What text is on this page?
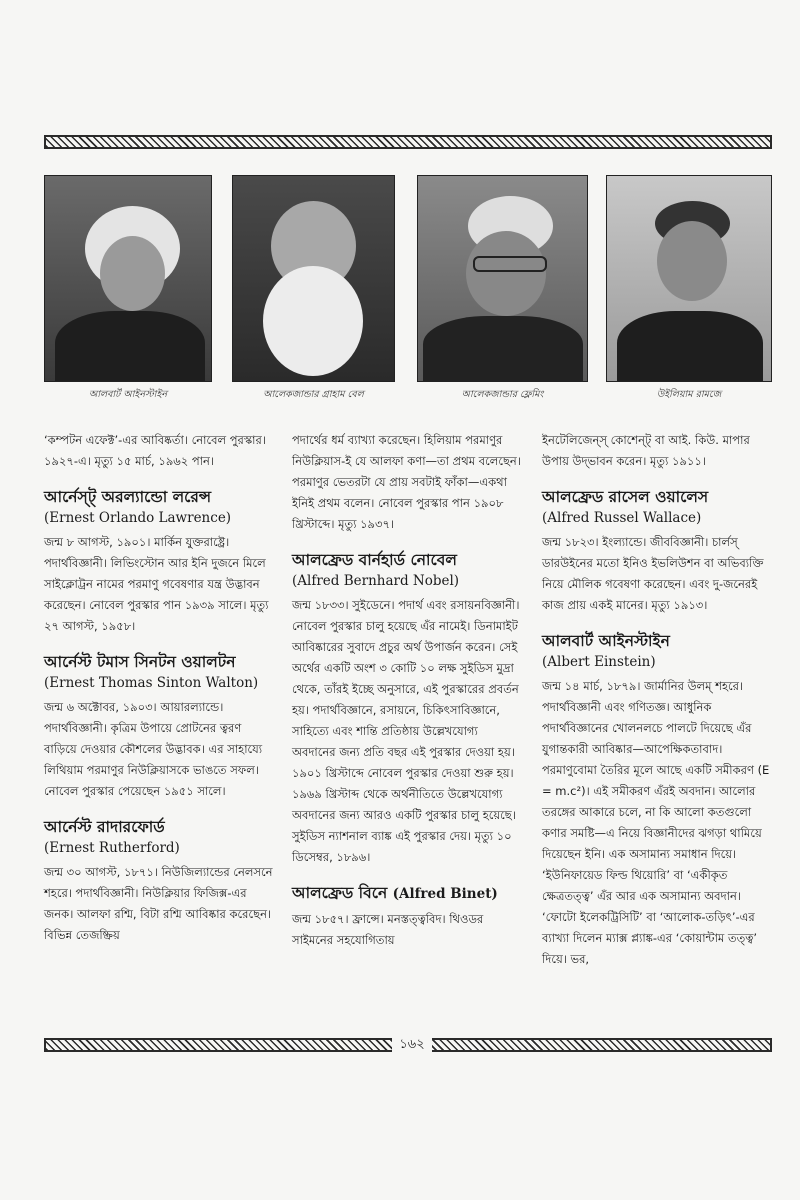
আলবার্ট আইনস্টাইন	আলেকজান্ডার গ্রাহাম বেল	আলেকজান্ডার ফ্লেমিং	উইলিয়াম রামজে

‘কম্পটন এফেক্ট’-এর আবিষ্কর্তা। নোবেল পুরস্কার। ১৯২৭-এ। মৃত্যু ১৫ মার্চ, ১৯৬২ পান।

আর্নেস্ট্ অরল্যান্ডো লরেন্স
(Ernest Orlando Lawrence)

জন্ম ৮ আগস্ট, ১৯০১। মার্কিন যুক্তরাষ্ট্রে। পদার্থবিজ্ঞানী। লিভিংস্টোন আর ইনি দুজনে মিলে সাইক্লোট্রন নামের পরমাণু গবেষণার যন্ত্র উদ্ভাবন করেছেন। নোবেল পুরস্কার পান ১৯৩৯ সালে। মৃত্যু ২৭ আগস্ট, ১৯৫৮।

আর্নেস্ট টমাস সিনটন ওয়ালটন
(Ernest Thomas Sinton Walton)

জন্ম ৬ অক্টোবর, ১৯০৩। আয়ারল্যান্ডে। পদার্থবিজ্ঞানী। কৃত্রিম উপায়ে প্রোটনের ত্বরণ বাড়িয়ে দেওয়ার কৌশলের উদ্ভাবক। এর সাহায্যে লিথিয়াম পরমাণুর নিউক্লিয়াসকে ভাঙতে সফল। নোবেল পুরস্কার পেয়েছেন ১৯৫১ সালে।

আর্নেস্ট রাদারফোর্ড
(Ernest Rutherford)

জন্ম ৩০ আগস্ট, ১৮৭১। নিউজিল্যান্ডের নেলসনে শহরে। পদার্থবিজ্ঞানী। নিউক্লিয়ার ফিজিক্স-এর জনক। আলফা রশ্মি, বিটা রশ্মি আবিষ্কার করেছেন। বিভিন্ন তেজষ্ক্রিয়

পদার্থের ধর্ম ব্যাখ্যা করেছেন। হিলিয়াম পরমাণুর নিউক্লিয়াস-ই যে আলফা কণা—তা প্রথম বলেছেন। পরমাণুর ভেতরটা যে প্রায় সবটাই ফাঁকা—একথা ইনিই প্রথম বলেন। নোবেল পুরস্কার পান ১৯০৮ খ্রিস্টাব্দে। মৃত্যু ১৯৩৭।

আলফ্রেড বার্নহার্ড নোবেল
(Alfred Bernhard Nobel)

জন্ম ১৮৩৩। সুইডেনে। পদার্থ এবং রসায়নবিজ্ঞানী। নোবেল পুরস্কার চালু হয়েছে এঁর নামেই। ডিনামাইট আবিষ্কারের সুবাদে প্রচুর অর্থ উপার্জন করেন। সেই অর্থের একটি অংশ ৩ কোটি ১০ লক্ষ সুইডিস মুদ্রা থেকে, তাঁরই ইচ্ছে অনুসারে, এই পুরস্কারের প্রবর্তন হয়। পদার্থবিজ্ঞানে, রসায়নে, চিকিৎসাবিজ্ঞানে, সাহিত্যে এবং শান্তি প্রতিষ্ঠায় উল্লেখযোগ্য অবদানের জন্য প্রতি বছর এই পুরস্কার দেওয়া হয়। ১৯০১ খ্রিস্টাব্দে নোবেল পুরস্কার দেওয়া শুরু হয়। ১৯৬৯ খ্রিস্টাব্দ থেকে অর্থনীতিতে উল্লেখযোগ্য অবদানের জন্য আরও একটি পুরস্কার চালু হয়েছে। সুইডিস ন্যাশনাল ব্যাঙ্ক এই পুরস্কার দেয়। মৃত্যু ১০ ডিসেম্বর, ১৮৯৬।

আলফ্রেড বিনে (Alfred Binet)

জন্ম ১৮৫৭। ফ্রান্সে। মনস্তত্ত্ববিদ। থিওডর সাইমনের সহযোগিতায়

ইনটেলিজেন্স্ কোশেন্ট্ বা আই. কিউ. মাপার উপায় উদ্‌ভাবন করেন। মৃত্যু ১৯১১।

আলফ্রেড রাসেল ওয়ালেস
(Alfred Russel Wallace)

জন্ম ১৮২৩। ইংল্যান্ডে। জীববিজ্ঞানী। চার্লস্ ডারউইনের মতো ইনিও ইভলিউশন বা অভিব্যক্তি নিয়ে মৌলিক গবেষণা করেছেন। এবং দু-জনেরই কাজ প্রায় একই মানের। মৃত্যু ১৯১৩।

আলবার্ট আইনস্টাইন
(Albert Einstein)

জন্ম ১৪ মার্চ, ১৮৭৯। জার্মানির উলম্ শহরে। পদার্থবিজ্ঞানী এবং গণিতজ্ঞ। আধুনিক পদার্থবিজ্ঞানের খোলনলচে পালটে দিয়েছে এঁর যুগান্তকারী আবিষ্কার—আপেক্ষিকতাবাদ। পরমাণুবোমা তৈরির মূলে আছে একটি সমীকরণ (E = m.c²)। এই সমীকরণ এঁরই অবদান। আলোর তরঙ্গের আকারে চলে, না কি আলো কতগুলো কণার সমষ্টি—এ নিয়ে বিজ্ঞানীদের ঝগড়া থামিয়ে দিয়েছেন ইনি। এক অসামান্য সমাধান দিয়ে। ‘ইউনিফায়েড ফিল্ড থিয়োরি’ বা ‘একীকৃত ক্ষেত্রতত্ত্ব’ এঁর আর এক অসামান্য অবদান। ‘ফোটো ইলেকট্রিসিটি’ বা ‘আলোক-তড়িৎ’-এর ব্যাখ্যা দিলেন ম্যাক্স প্ল্যাঙ্ক-এর ‘কোয়ান্টাম তত্ত্ব’ দিয়ে। ভর,

১৬২
